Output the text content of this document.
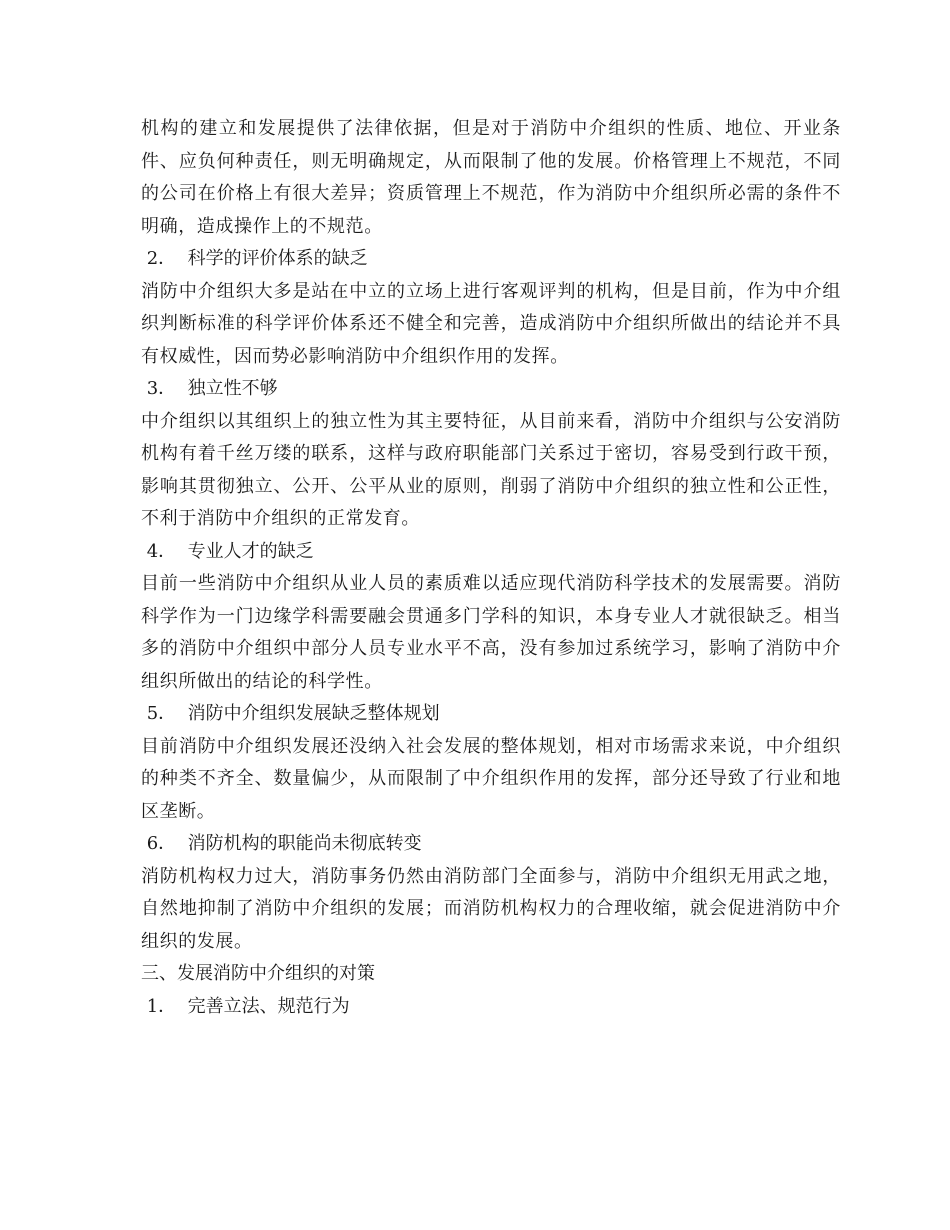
机构的建立和发展提供了法律依据，但是对于消防中介组织的性质、地位、开业条件、应负何种责任，则无明确规定，从而限制了他的发展。价格管理上不规范，不同的公司在价格上有很大差异；资质管理上不规范，作为消防中介组织所必需的条件不明确，造成操作上的不规范。

2．  科学的评价体系的缺乏

消防中介组织大多是站在中立的立场上进行客观评判的机构，但是目前，作为中介组织判断标准的科学评价体系还不健全和完善，造成消防中介组织所做出的结论并不具有权威性，因而势必影响消防中介组织作用的发挥。

3．  独立性不够

中介组织以其组织上的独立性为其主要特征，从目前来看，消防中介组织与公安消防机构有着千丝万缕的联系，这样与政府职能部门关系过于密切，容易受到行政干预，影响其贯彻独立、公开、公平从业的原则，削弱了消防中介组织的独立性和公正性，不利于消防中介组织的正常发育。

4．  专业人才的缺乏

目前一些消防中介组织从业人员的素质难以适应现代消防科学技术的发展需要。消防科学作为一门边缘学科需要融会贯通多门学科的知识，本身专业人才就很缺乏。相当多的消防中介组织中部分人员专业水平不高，没有参加过系统学习，影响了消防中介组织所做出的结论的科学性。

5．  消防中介组织发展缺乏整体规划

目前消防中介组织发展还没纳入社会发展的整体规划，相对市场需求来说，中介组织的种类不齐全、数量偏少，从而限制了中介组织作用的发挥，部分还导致了行业和地区垄断。

6．  消防机构的职能尚未彻底转变

消防机构权力过大，消防事务仍然由消防部门全面参与，消防中介组织无用武之地，自然地抑制了消防中介组织的发展；而消防机构权力的合理收缩，就会促进消防中介组织的发展。

三、发展消防中介组织的对策

1．  完善立法、规范行为
